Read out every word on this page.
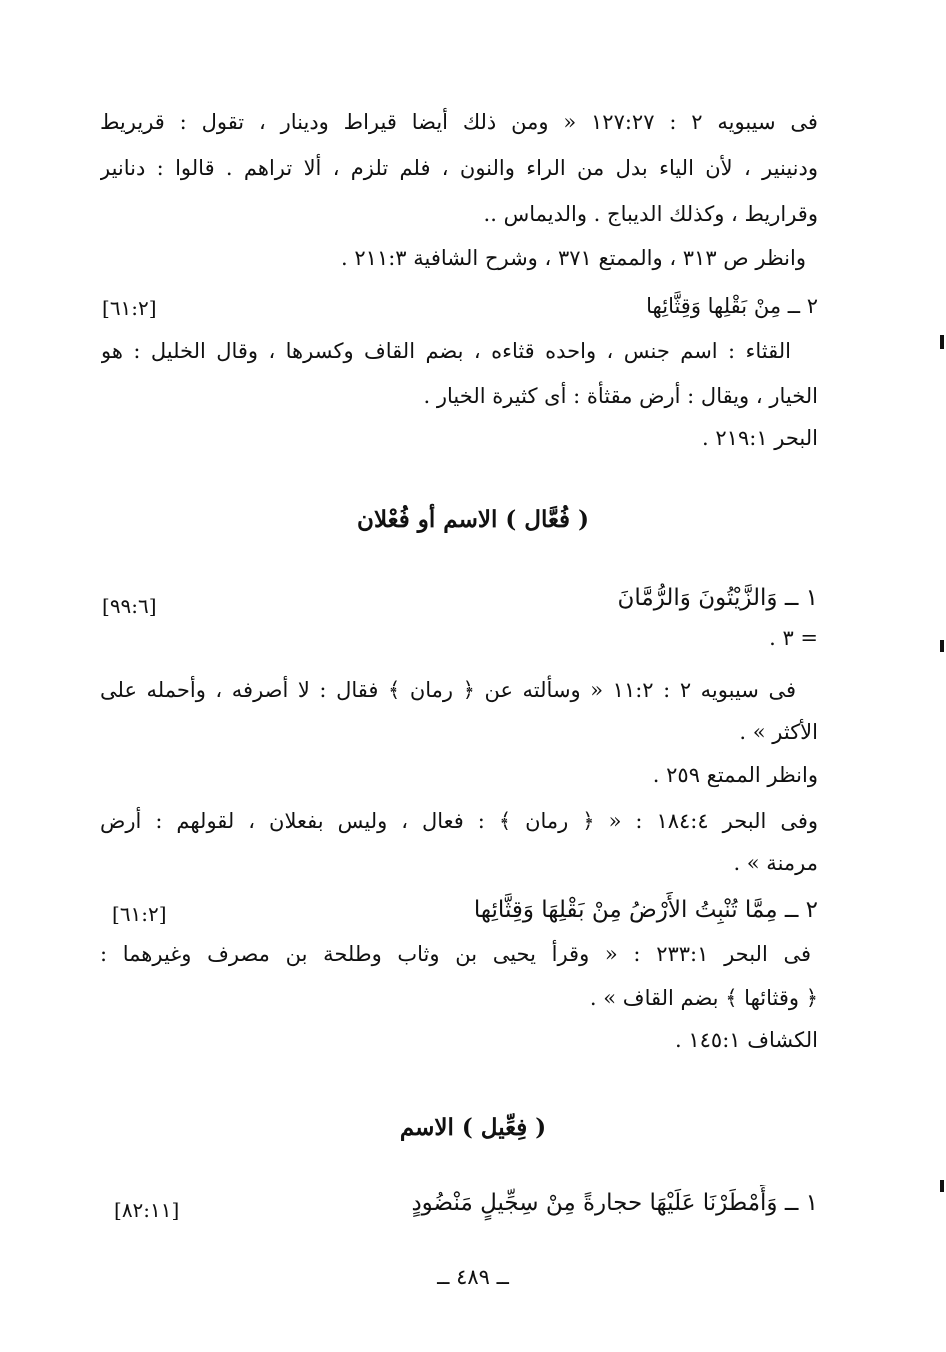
فى سيبويه ٢ : ١٢٧:٢٧ « ومن ذلك أيضا قيراط ودينار ، تقول : قريريط
ودنينير ، لأن الياء بدل من الراء والنون ، فلم تلزم ، ألا تراهم . قالوا : دنانير
وقراريط ، وكذلك الديباج . والديماس ..
وانظر ص ٣١٣ ، والممتع ٣٧١ ، وشرح الشافية ٢١١:٣ .
٢ ــ مِنْ بَقْلِها وَقِثَّائِها
[٦١:٢]
القثاء : اسم جنس ، واحده قثاءه ، بضم القاف وكسرها ، وقال الخليل : هو
الخيار ، ويقال : أرض مقثأة : أى كثيرة الخيار .
البحر ٢١٩:١ .
( فُعَّال ) الاسم أو فُعْلان
١ ــ وَالزَّيْتُونَ وَالرُّمَّانَ
[٩٩:٦]
= ٣ .
فى سيبويه ٢ : ١١:٢ « وسألته عن ﴿ رمان ﴾ فقال : لا أصرفه ، وأحمله على
الأكثر » .
وانظر الممتع ٢٥٩ .
وفى البحر ١٨٤:٤ : « ﴿ رمان ﴾ : فعال ، وليس بفعلان ، لقولهم : أرض
مرمنة » .
٢ ــ مِمَّا تُنْبِتُ الأَرْضُ مِنْ بَقْلِهَا وَقِثَّائِها
[٦١:٢]
فى البحر ٢٣٣:١ : « وقرأ يحيى بن وثاب وطلحة بن مصرف وغيرهما :
﴿ وقثائها ﴾ بضم القاف » .
الكشاف ١٤٥:١ .
( فِعِّيل ) الاسم
١ ــ وَأَمْطَرْنَا عَلَيْهَا حجارةً مِنْ سِجِّيلٍ مَنْضُودٍ
[٨٢:١١]
ــ ٤٨٩ ــ
